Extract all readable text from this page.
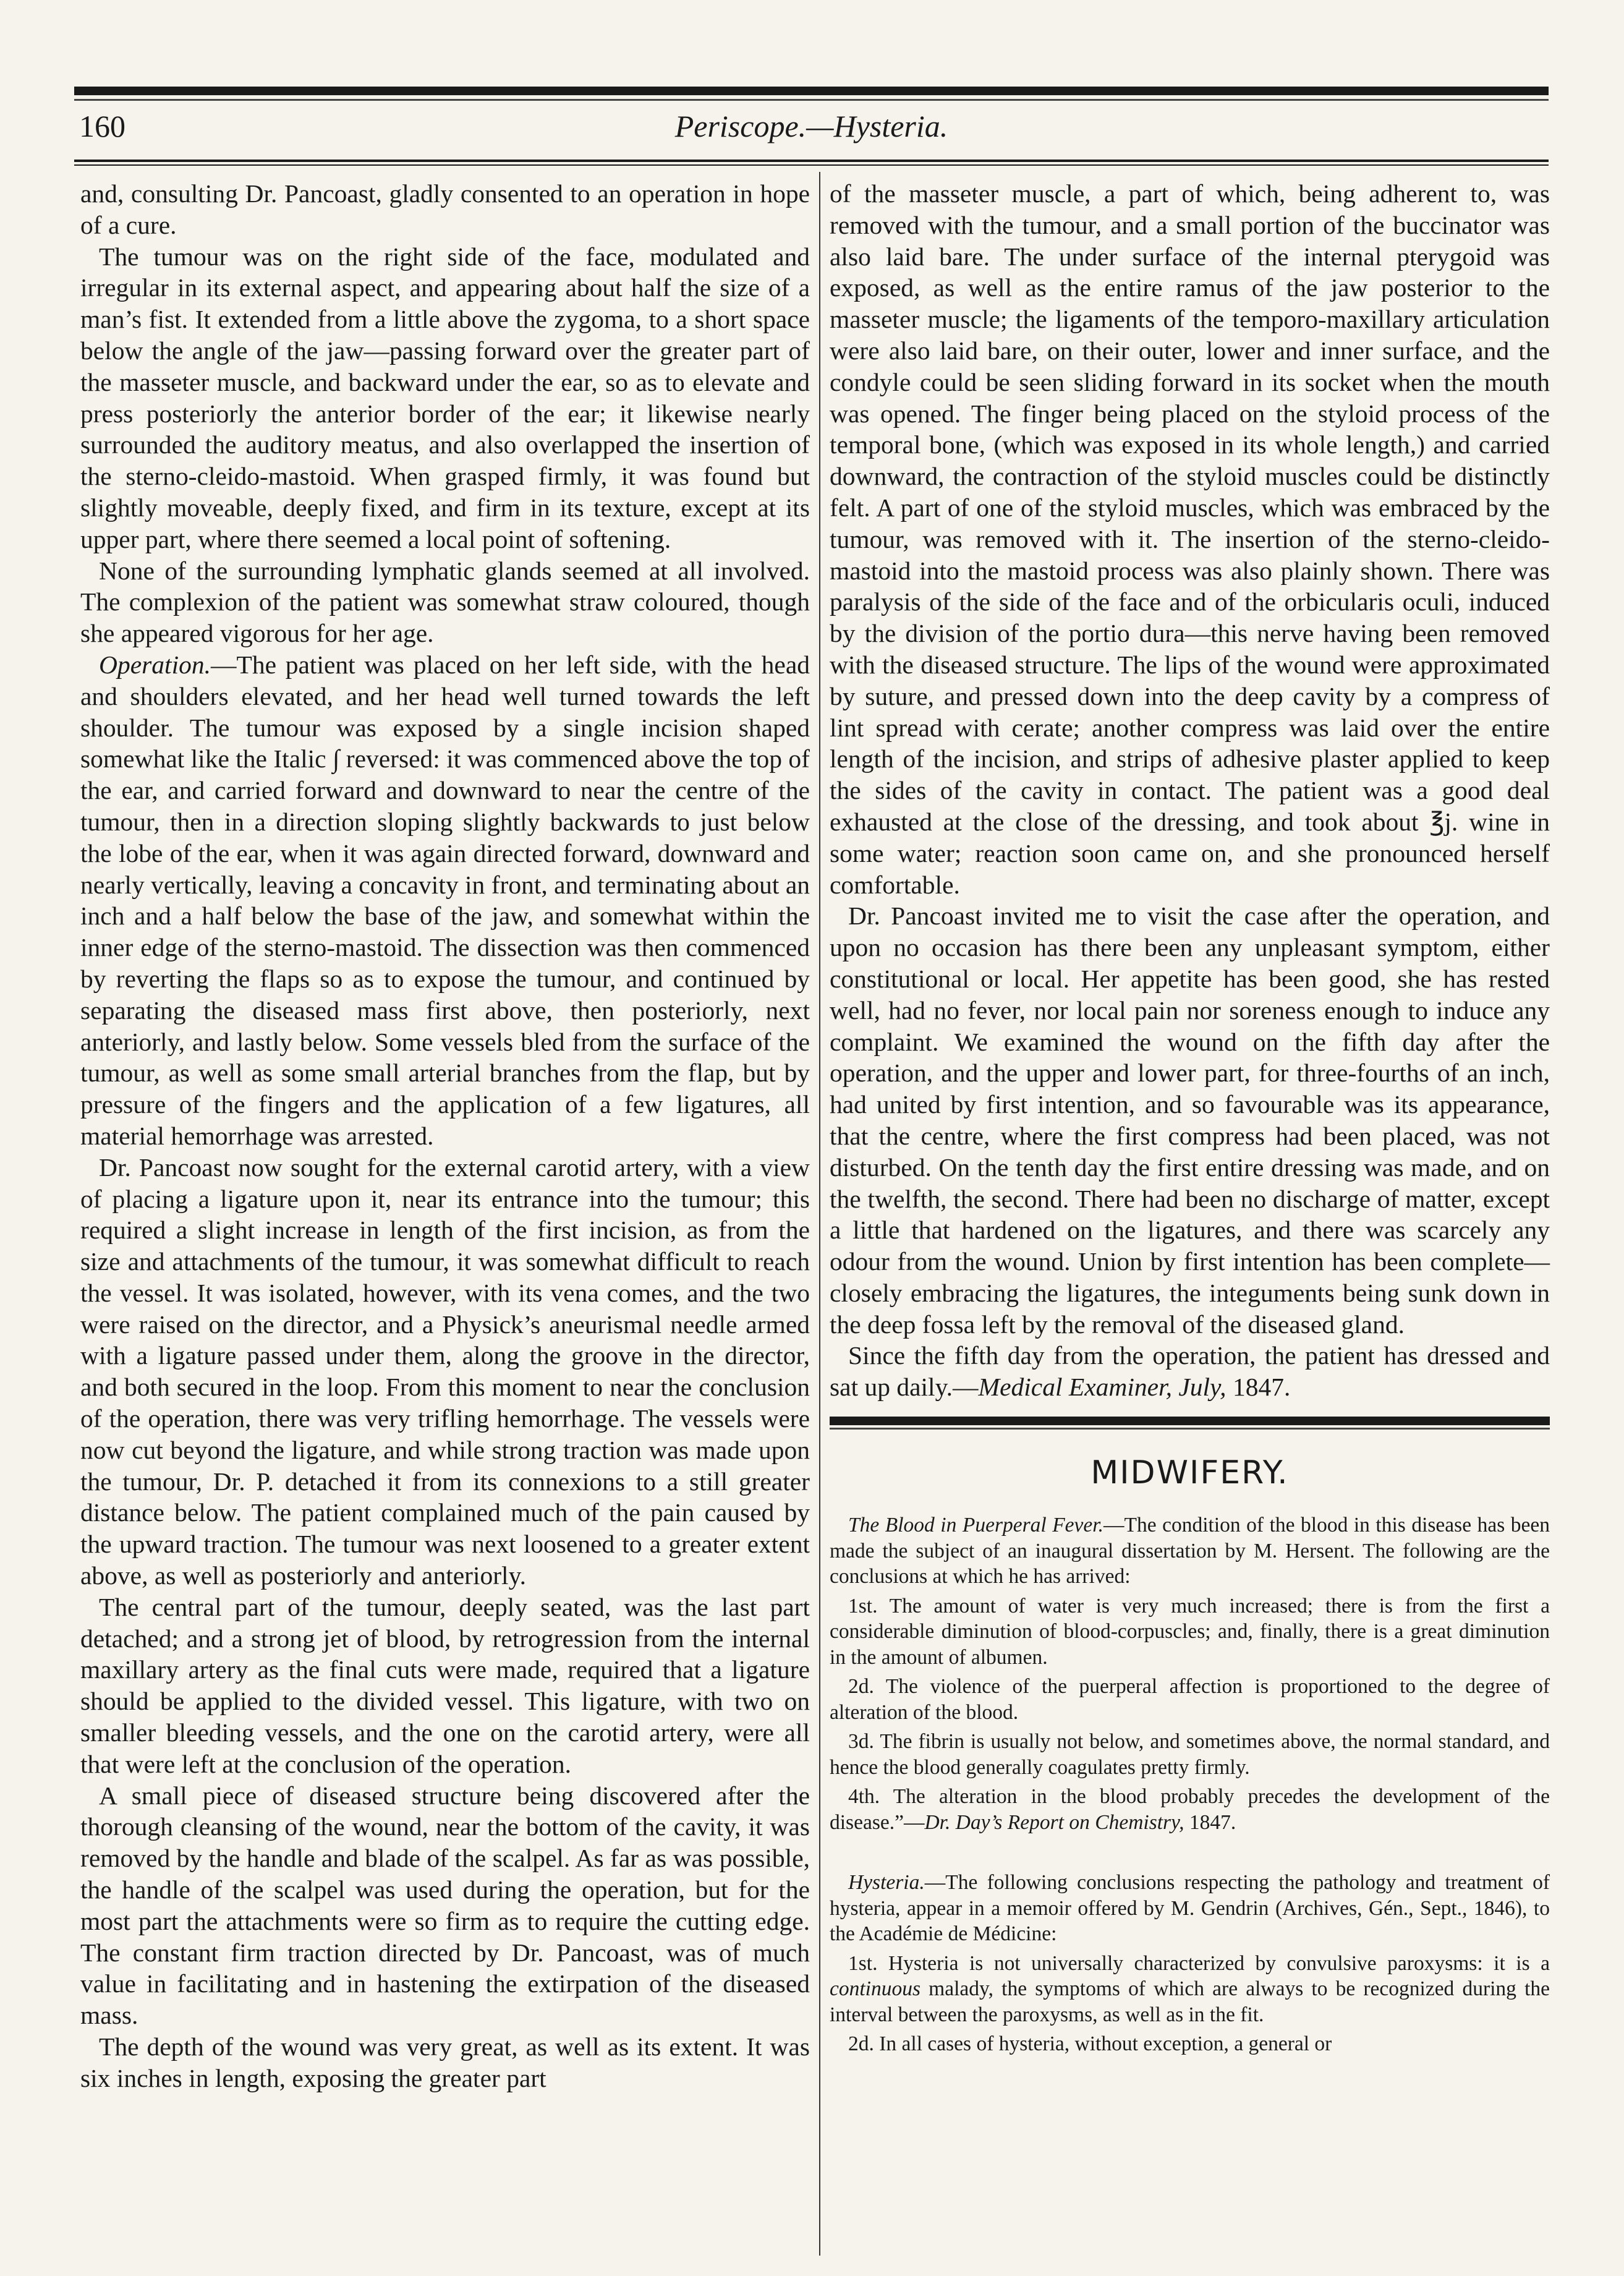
160	Periscope.—Hysteria.

and, consulting Dr. Pancoast, gladly consented to an operation in hope of a cure.

The tumour was on the right side of the face, modulated and irregular in its external aspect, and appearing about half the size of a man’s fist. It extended from a little above the zygoma, to a short space below the angle of the jaw—passing forward over the greater part of the masseter muscle, and backward under the ear, so as to elevate and press posteriorly the anterior border of the ear; it likewise nearly surrounded the auditory meatus, and also overlapped the insertion of the sterno-cleido-mastoid. When grasped firmly, it was found but slightly moveable, deeply fixed, and firm in its texture, except at its upper part, where there seemed a local point of softening.

None of the surrounding lymphatic glands seemed at all involved. The complexion of the patient was somewhat straw coloured, though she appeared vigorous for her age.

Operation.—The patient was placed on her left side, with the head and shoulders elevated, and her head well turned towards the left shoulder. The tumour was exposed by a single incision shaped somewhat like the Italic ∫ reversed: it was commenced above the top of the ear, and carried forward and downward to near the centre of the tumour, then in a direction sloping slightly backwards to just below the lobe of the ear, when it was again directed forward, downward and nearly vertically, leaving a concavity in front, and terminating about an inch and a half below the base of the jaw, and somewhat within the inner edge of the sterno-mastoid. The dissection was then commenced by reverting the flaps so as to expose the tumour, and continued by separating the diseased mass first above, then posteriorly, next anteriorly, and lastly below. Some vessels bled from the surface of the tumour, as well as some small arterial branches from the flap, but by pressure of the fingers and the application of a few ligatures, all material hemorrhage was arrested.

Dr. Pancoast now sought for the external carotid artery, with a view of placing a ligature upon it, near its entrance into the tumour; this required a slight increase in length of the first incision, as from the size and attachments of the tumour, it was somewhat difficult to reach the vessel. It was isolated, however, with its vena comes, and the two were raised on the director, and a Physick’s aneurismal needle armed with a ligature passed under them, along the groove in the director, and both secured in the loop. From this moment to near the conclusion of the operation, there was very trifling hemorrhage. The vessels were now cut beyond the ligature, and while strong traction was made upon the tumour, Dr. P. detached it from its connexions to a still greater distance below. The patient complained much of the pain caused by the upward traction. The tumour was next loosened to a greater extent above, as well as posteriorly and anteriorly.

The central part of the tumour, deeply seated, was the last part detached; and a strong jet of blood, by retrogression from the internal maxillary artery as the final cuts were made, required that a ligature should be applied to the divided vessel. This ligature, with two on smaller bleeding vessels, and the one on the carotid artery, were all that were left at the conclusion of the operation.

A small piece of diseased structure being discovered after the thorough cleansing of the wound, near the bottom of the cavity, it was removed by the handle and blade of the scalpel. As far as was possible, the handle of the scalpel was used during the operation, but for the most part the attachments were so firm as to require the cutting edge. The constant firm traction directed by Dr. Pancoast, was of much value in facilitating and in hastening the extirpation of the diseased mass.

The depth of the wound was very great, as well as its extent. It was six inches in length, exposing the greater part

of the masseter muscle, a part of which, being adherent to, was removed with the tumour, and a small portion of the buccinator was also laid bare. The under surface of the internal pterygoid was exposed, as well as the entire ramus of the jaw posterior to the masseter muscle; the ligaments of the temporo-maxillary articulation were also laid bare, on their outer, lower and inner surface, and the condyle could be seen sliding forward in its socket when the mouth was opened. The finger being placed on the styloid process of the temporal bone, (which was exposed in its whole length,) and carried downward, the contraction of the styloid muscles could be distinctly felt. A part of one of the styloid muscles, which was embraced by the tumour, was removed with it. The insertion of the sterno-cleido-mastoid into the mastoid process was also plainly shown. There was paralysis of the side of the face and of the orbicularis oculi, induced by the division of the portio dura—this nerve having been removed with the diseased structure. The lips of the wound were approximated by suture, and pressed down into the deep cavity by a compress of lint spread with cerate; another compress was laid over the entire length of the incision, and strips of adhesive plaster applied to keep the sides of the cavity in contact. The patient was a good deal exhausted at the close of the dressing, and took about ℥j. wine in some water; reaction soon came on, and she pronounced herself comfortable.

Dr. Pancoast invited me to visit the case after the operation, and upon no occasion has there been any unpleasant symptom, either constitutional or local. Her appetite has been good, she has rested well, had no fever, nor local pain nor soreness enough to induce any complaint. We examined the wound on the fifth day after the operation, and the upper and lower part, for three-fourths of an inch, had united by first intention, and so favourable was its appearance, that the centre, where the first compress had been placed, was not disturbed. On the tenth day the first entire dressing was made, and on the twelfth, the second. There had been no discharge of matter, except a little that hardened on the ligatures, and there was scarcely any odour from the wound. Union by first intention has been complete—closely embracing the ligatures, the integuments being sunk down in the deep fossa left by the removal of the diseased gland.

Since the fifth day from the operation, the patient has dressed and sat up daily.—Medical Examiner, July, 1847.

MIDWIFERY.

The Blood in Puerperal Fever.—The condition of the blood in this disease has been made the subject of an inaugural dissertation by M. Hersent. The following are the conclusions at which he has arrived:

1st. The amount of water is very much increased; there is from the first a considerable diminution of blood-corpuscles; and, finally, there is a great diminution in the amount of albumen.

2d. The violence of the puerperal affection is proportioned to the degree of alteration of the blood.

3d. The fibrin is usually not below, and sometimes above, the normal standard, and hence the blood generally coagulates pretty firmly.

4th. The alteration in the blood probably precedes the development of the disease.”—Dr. Day’s Report on Chemistry, 1847.

Hysteria.—The following conclusions respecting the pathology and treatment of hysteria, appear in a memoir offered by M. Gendrin (Archives, Gén., Sept., 1846), to the Académie de Médicine:

1st. Hysteria is not universally characterized by convulsive paroxysms: it is a continuous malady, the symptoms of which are always to be recognized during the interval between the paroxysms, as well as in the fit.

2d. In all cases of hysteria, without exception, a general or
